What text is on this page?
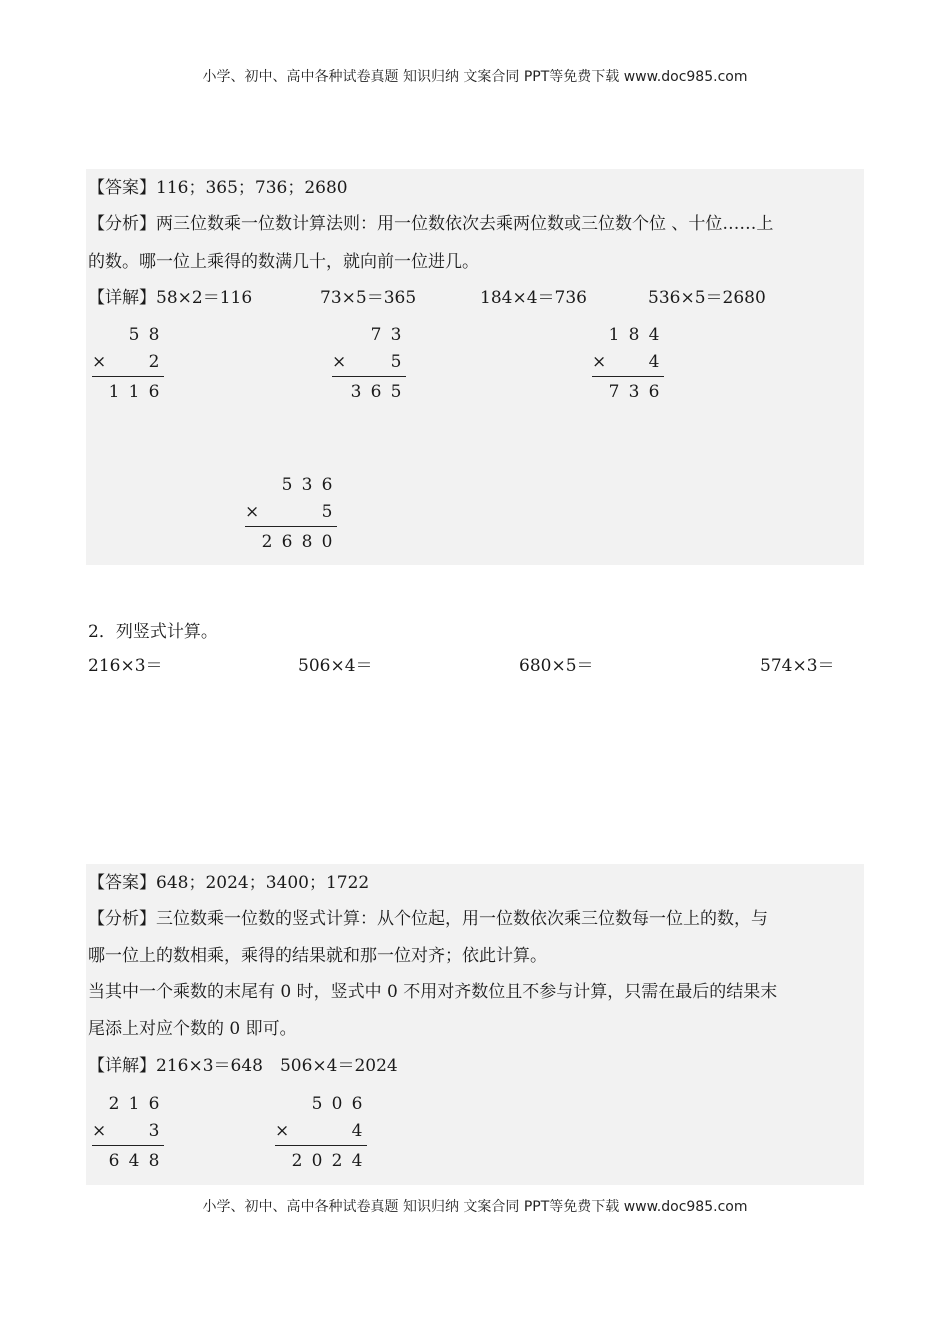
小学、初中、高中各种试卷真题 知识归纳 文案合同 PPT等免费下载 www.doc985.com
【答案】116；365；736；2680
【分析】两三位数乘一位数计算法则：用一位数依次去乘两位数或三位数个位 、十位……上
的数。哪一位上乘得的数满几十，就向前一位进几。
【详解】58×2＝116	73×5＝365	184×4＝736	536×5＝2680
5 8
× 2
1 1 6
7 3
×	5
3 6 5
1 8 4
× 4
7 3 6
5 3 6
×	5
2 6 8 0
2．列竖式计算。
216×3＝	506×4＝	680×5＝	574×3＝
【答案】648；2024；3400；1722
【分析】三位数乘一位数的竖式计算：从个位起，用一位数依次乘三位数每一位上的数，与
哪一位上的数相乘，乘得的结果就和那一位对齐；依此计算。
当其中一个乘数的末尾有 0 时，竖式中 0 不用对齐数位且不参与计算，只需在最后的结果末
尾添上对应个数的 0 即可。
【详解】216×3＝648　506×4＝2024
2 1 6
× 3
6 4 8
5 0 6
×	4
2 0 2 4
小学、初中、高中各种试卷真题 知识归纳 文案合同 PPT等免费下载 www.doc985.com
